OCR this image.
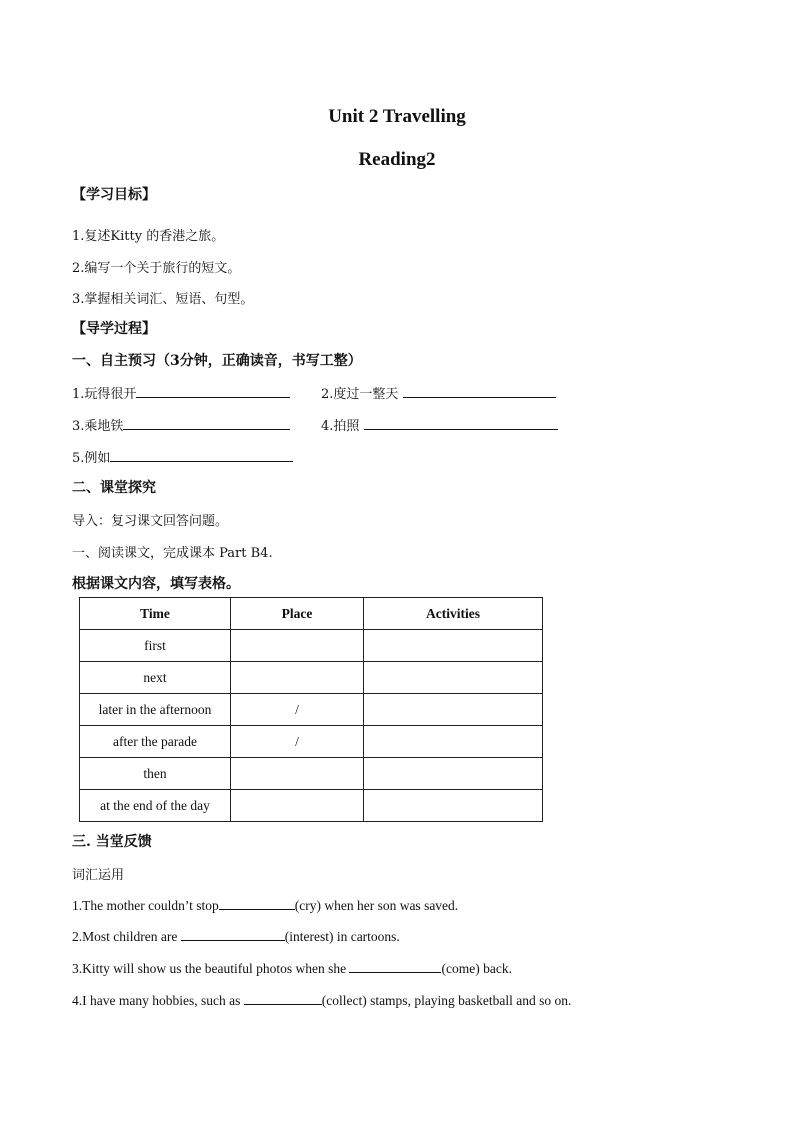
Unit 2 Travelling
Reading2
【学习目标】
1.复述Kitty 的香港之旅。
2.编写一个关于旅行的短文。
3.掌握相关词汇、短语、句型。
【导学过程】
一、自主预习（3分钟，正确读音，书写工整）
1.玩得很开	2.度过一整天
3.乘地铁	4.拍照
5.例如
二、课堂探究
导入：复习课文回答问题。
一、阅读课文，完成课本 Part B4.
根据课文内容，填写表格。
Time	Place	Activities
first		
next		
later in the afternoon	/	
after the parade	/	
then		
at the end of the day		
三. 当堂反馈
词汇运用
1.The mother couldn’t stop	(cry) when her son was saved.
2.Most children are	(interest) in cartoons.
3.Kitty will show us the beautiful photos when she	(come) back.
4.I have many hobbies, such as	(collect) stamps, playing basketball and so on.
